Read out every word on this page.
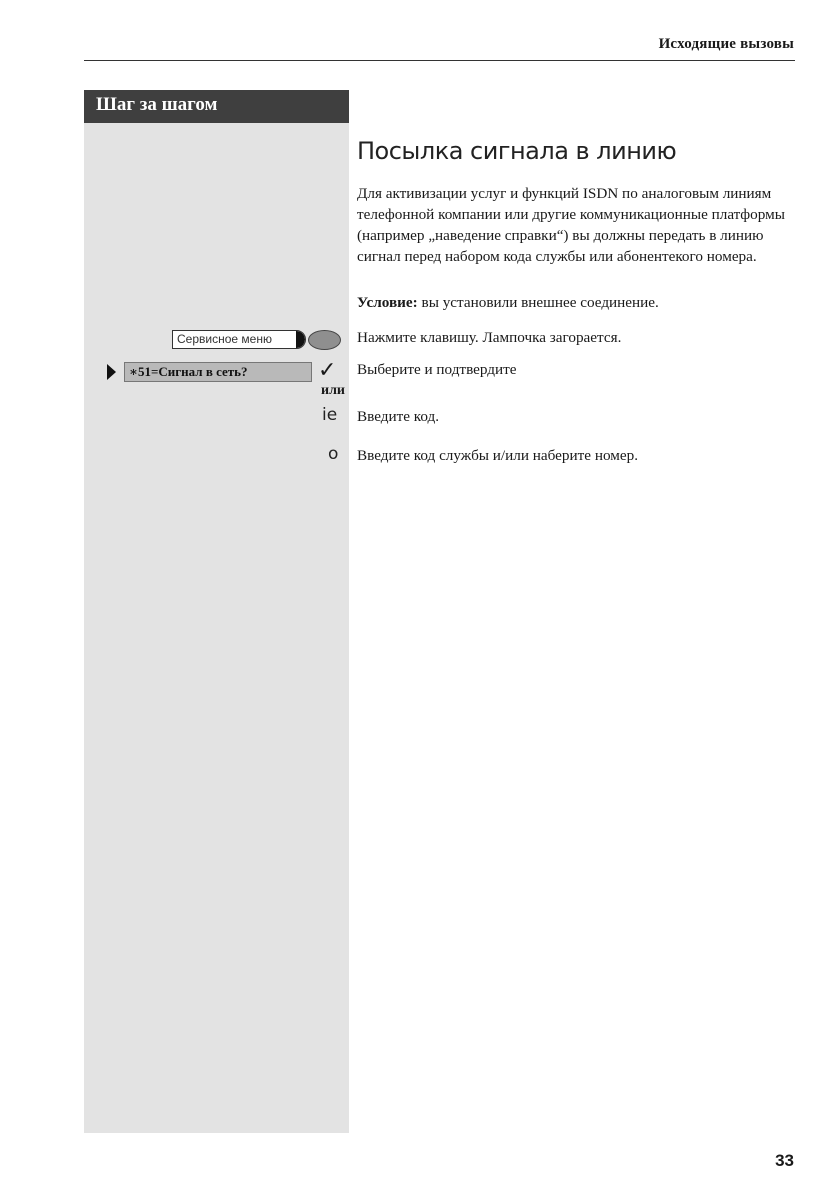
Исходящие вызовы
Шаг за шагом
Посылка сигнала в линию

Для активизации услуг и функций ISDN по аналоговым линиям телефонной компании или другие коммуникационные платформы (например „наведение справки“) вы должны передать в линию сигнал перед набором кода службы или абонентекого номера.

Условие: вы установили внешнее соединение.
Сервисное меню	Нажмите клавишу. Лампочка загорается.
∗51=Сигнал в сеть?	✓
или
Выберите и подтвердите
ie Введите код.
o Введите код службы и/или наберите номер.
33
